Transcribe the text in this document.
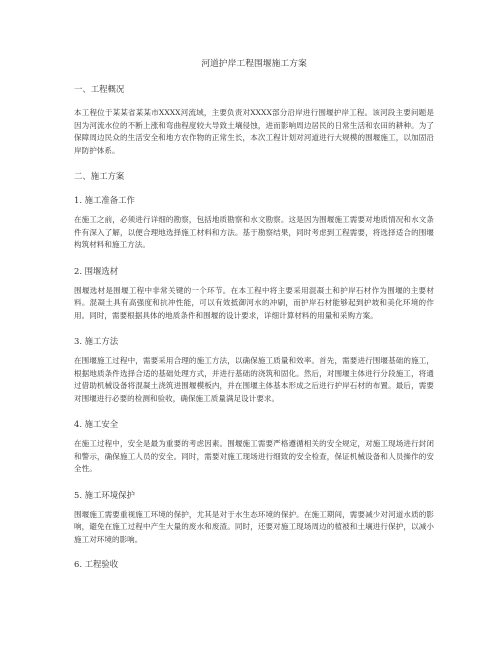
河道护岸工程围堰施工方案
一、工程概况
本工程位于某某省某某市XXXX河流域，主要负责对XXXX部分沿岸进行围堰护岸工程。该河段主要问题是因为河流水位的不断上涨和弯曲程度较大导致土壤侵蚀，进而影响周边居民的日常生活和农田的耕种。为了保障周边民众的生活安全和地方农作物的正常生长，本次工程计划对河道进行大规模的围堰施工，以加固沿岸防护体系。
二、施工方案
1. 施工准备工作
在施工之前，必须进行详细的勘察，包括地质勘察和水文勘察。这是因为围堰施工需要对地质情况和水文条件有深入了解，以便合理地选择施工材料和方法。基于勘察结果，同时考虑到工程需要，将选择适合的围堰构筑材料和施工方法。
2. 围堰选材
围堰选材是围堰工程中非常关键的一个环节。在本工程中将主要采用混凝土和护岸石材作为围堰的主要材料。混凝土具有高强度和抗冲性能，可以有效抵御河水的冲刷，而护岸石材能够起到护坡和美化环境的作用。同时，需要根据具体的地质条件和围堰的设计要求，详细计算材料的用量和采购方案。
3. 施工方法
在围堰施工过程中，需要采用合理的施工方法，以确保施工质量和效率。首先，需要进行围堰基础的施工，根据地质条件选择合适的基础处理方式，并进行基础的浇筑和固化。然后，对围堰主体进行分段施工，将通过借助机械设备将混凝土浇筑进围堰模板内，并在围堰主体基本形成之后进行护岸石材的布置。最后，需要对围堰进行必要的检测和验收，确保施工质量满足设计要求。
4. 施工安全
在施工过程中，安全是最为重要的考虑因素。围堰施工需要严格遵循相关的安全规定，对施工现场进行封闭和警示，确保施工人员的安全。同时，需要对施工现场进行细致的安全检查，保证机械设备和人员操作的安全性。
5. 施工环境保护
围堰施工需要重视施工环境的保护，尤其是对于水生态环境的保护。在施工期间，需要减少对河道水质的影响，避免在施工过程中产生大量的废水和废渣。同时，还要对施工现场周边的植被和土壤进行保护，以减小施工对环境的影响。
6. 工程验收
